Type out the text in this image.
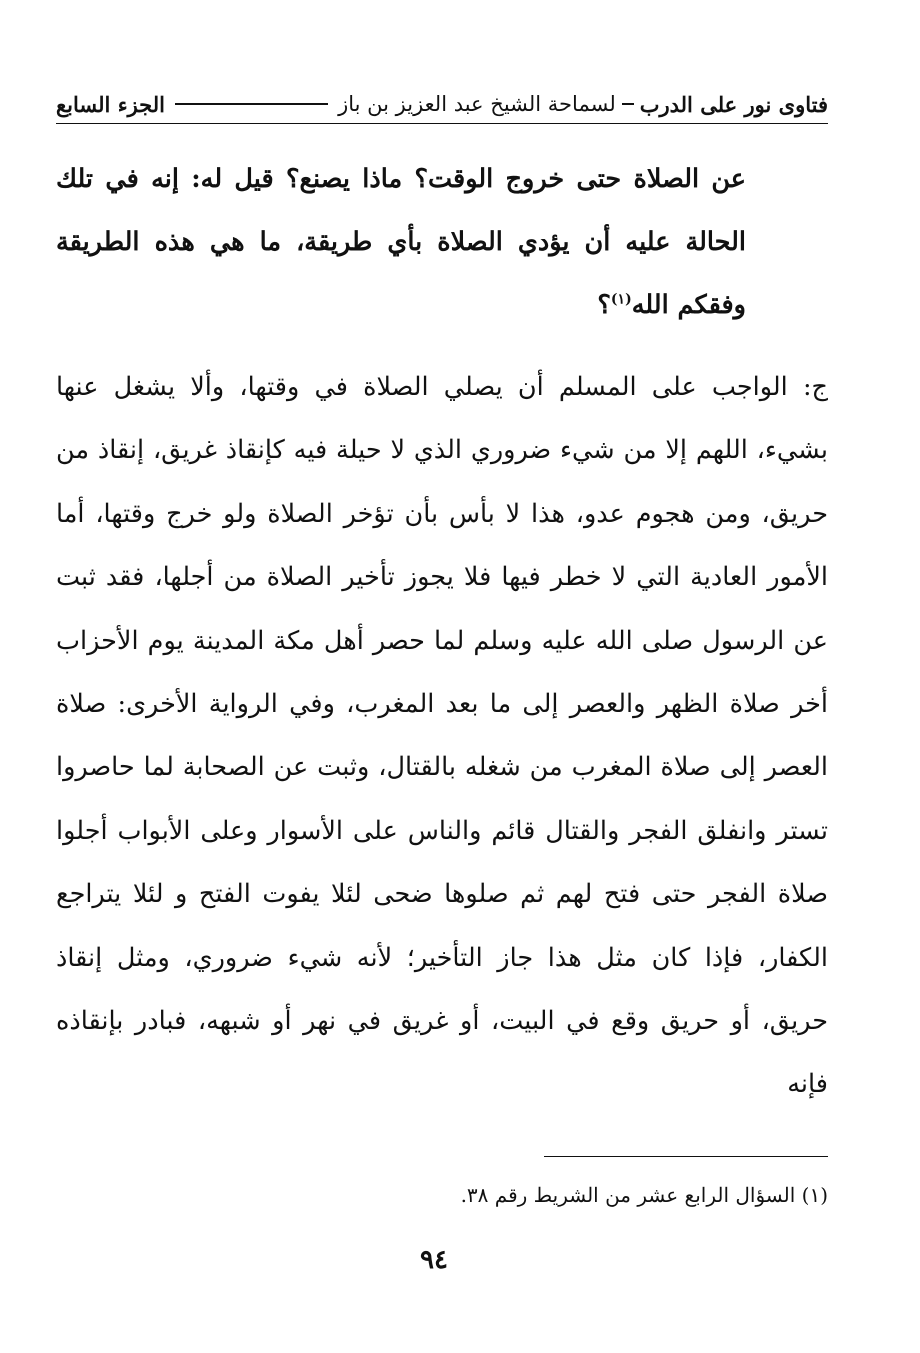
فتاوى نور على الدرب
لسماحة الشيخ عبد العزيز بن باز
الجزء السابع
عن الصلاة حتى خروج الوقت؟ ماذا يصنع؟ قيل له: إنه في تلك الحالة عليه أن يؤدي الصلاة بأي طريقة، ما هي هذه الطريقة وفقكم الله$^{(١)}$؟
ج: الواجب على المسلم أن يصلي الصلاة في وقتها، وألا يشغل عنها بشيء، اللهم إلا من شيء ضروري الذي لا حيلة فيه كإنقاذ غريق، إنقاذ من حريق، ومن هجوم عدو، هذا لا بأس بأن تؤخر الصلاة ولو خرج وقتها، أما الأمور العادية التي لا خطر فيها فلا يجوز تأخير الصلاة من أجلها، فقد ثبت عن الرسول صلى الله عليه وسلم لما حصر أهل مكة المدينة يوم الأحزاب أخر صلاة الظهر والعصر إلى ما بعد المغرب، وفي الرواية الأخرى: صلاة العصر إلى صلاة المغرب من شغله بالقتال، وثبت عن الصحابة لما حاصروا تستر وانفلق الفجر والقتال قائم والناس على الأسوار وعلى الأبواب أجلوا صلاة الفجر حتى فتح لهم ثم صلوها ضحى لئلا يفوت الفتح و لئلا يتراجع الكفار، فإذا كان مثل هذا جاز التأخير؛ لأنه شيء ضروري، ومثل إنقاذ حريق، أو حريق وقع في البيت، أو غريق في نهر أو شبهه، فبادر بإنقاذه فإنه
(١) السؤال الرابع عشر من الشريط رقم ٣٨.
٩٤
